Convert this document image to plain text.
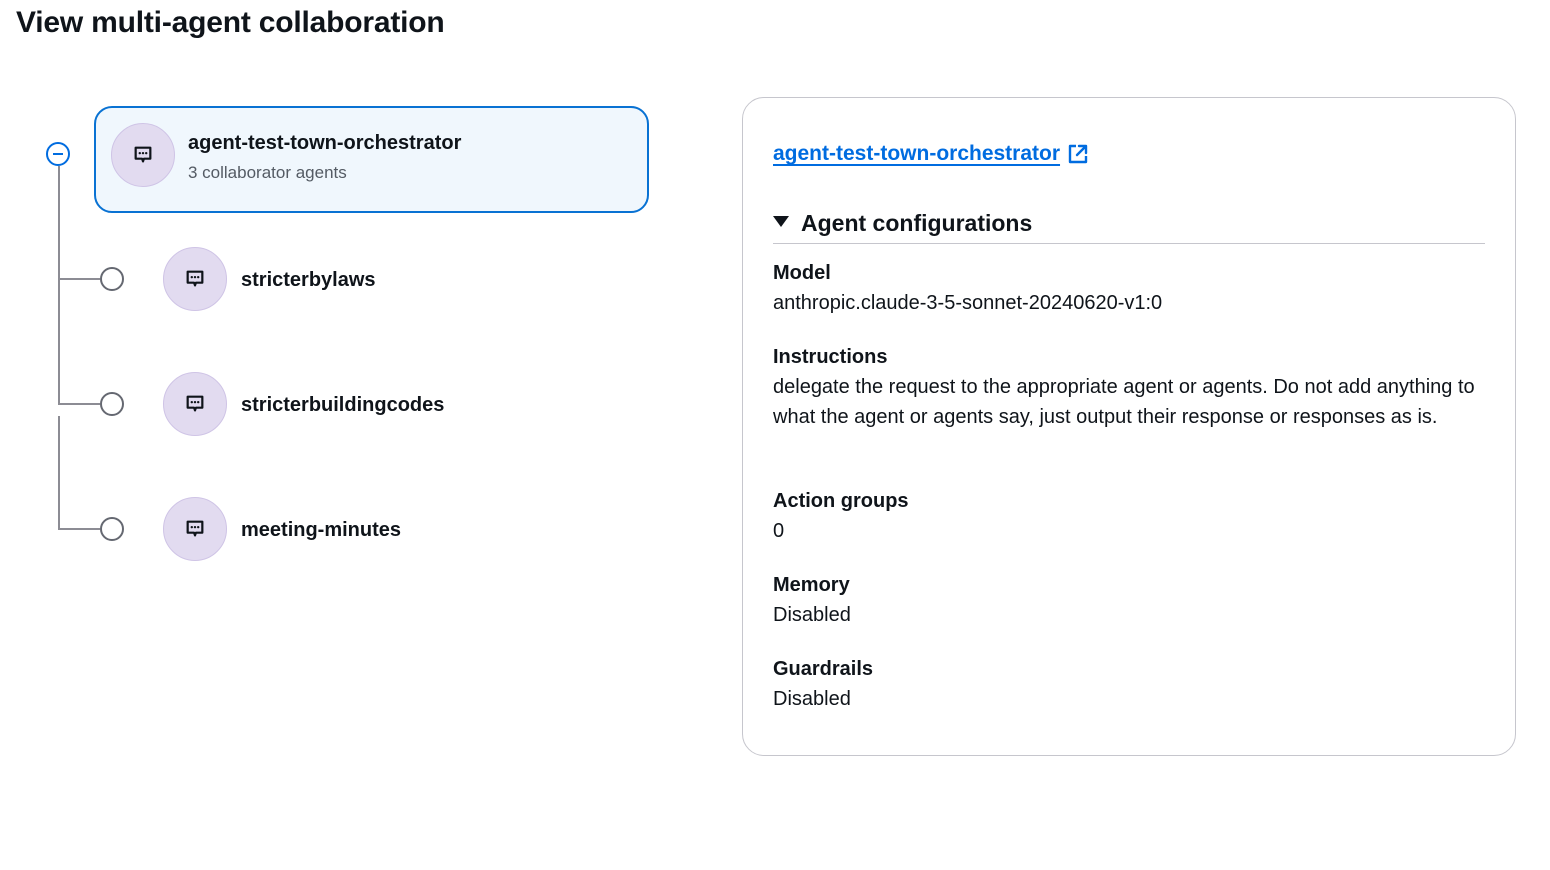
View multi-agent collaboration
agent-test-town-orchestrator
3 collaborator agents
stricterbylaws
stricterbuildingcodes
meeting-minutes
agent-test-town-orchestrator
Agent configurations
Model
anthropic.claude-3-5-sonnet-20240620-v1:0
Instructions
delegate the request to the appropriate agent or agents. Do not add anything to what the agent or agents say, just output their response or responses as is.
Action groups
0
Memory
Disabled
Guardrails
Disabled
